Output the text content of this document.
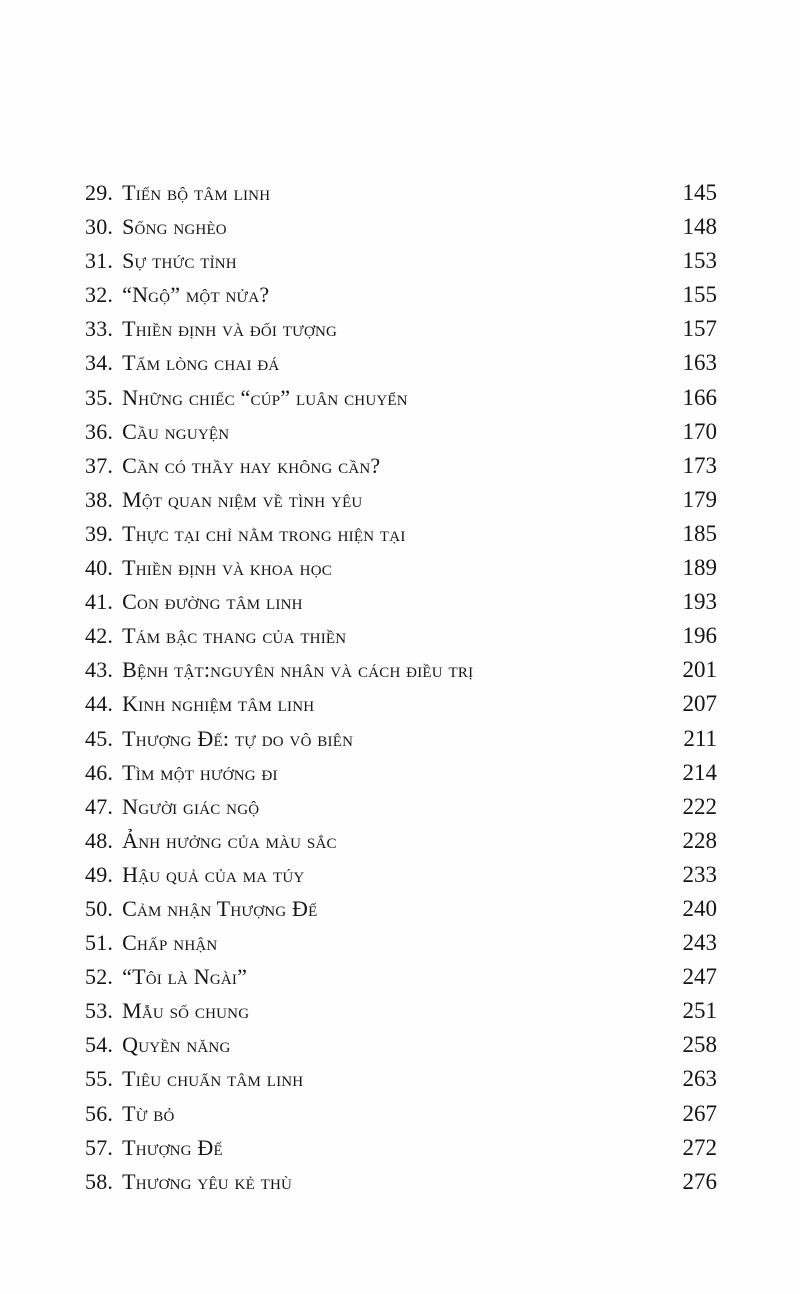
29. Tiến bộ tâm linh	145
30. Sống nghèo	148
31. Sự thức tỉnh	153
32. “Ngộ” một nửa?	155
33. Thiền định và đối tượng	157
34. Tấm lòng chai đá	163
35. Những chiếc “cúp” luân chuyển	166
36. Cầu nguyện	170
37. Cần có thầy hay không cần?	173
38. Một quan niệm về tình yêu	179
39. Thực tại chỉ nằm trong hiện tại	185
40. Thiền định và khoa học	189
41. Con đường tâm linh	193
42. Tám bậc thang của thiền	196
43. Bệnh tật:nguyên nhân và cách điều trị	201
44. Kinh nghiệm tâm linh	207
45. Thượng Đế: tự do vô biên	211
46. Tìm một hướng đi	214
47. Người giác ngộ	222
48. Ảnh hưởng của màu sắc	228
49. Hậu quả của ma túy	233
50. Cảm nhận Thượng Đế	240
51. Chấp nhận	243
52. “Tôi là Ngài”	247
53. Mẫu số chung	251
54. Quyền năng	258
55. Tiêu chuẩn tâm linh	263
56. Từ bỏ	267
57. Thượng Đế	272
58. Thương yêu kẻ thù	276
